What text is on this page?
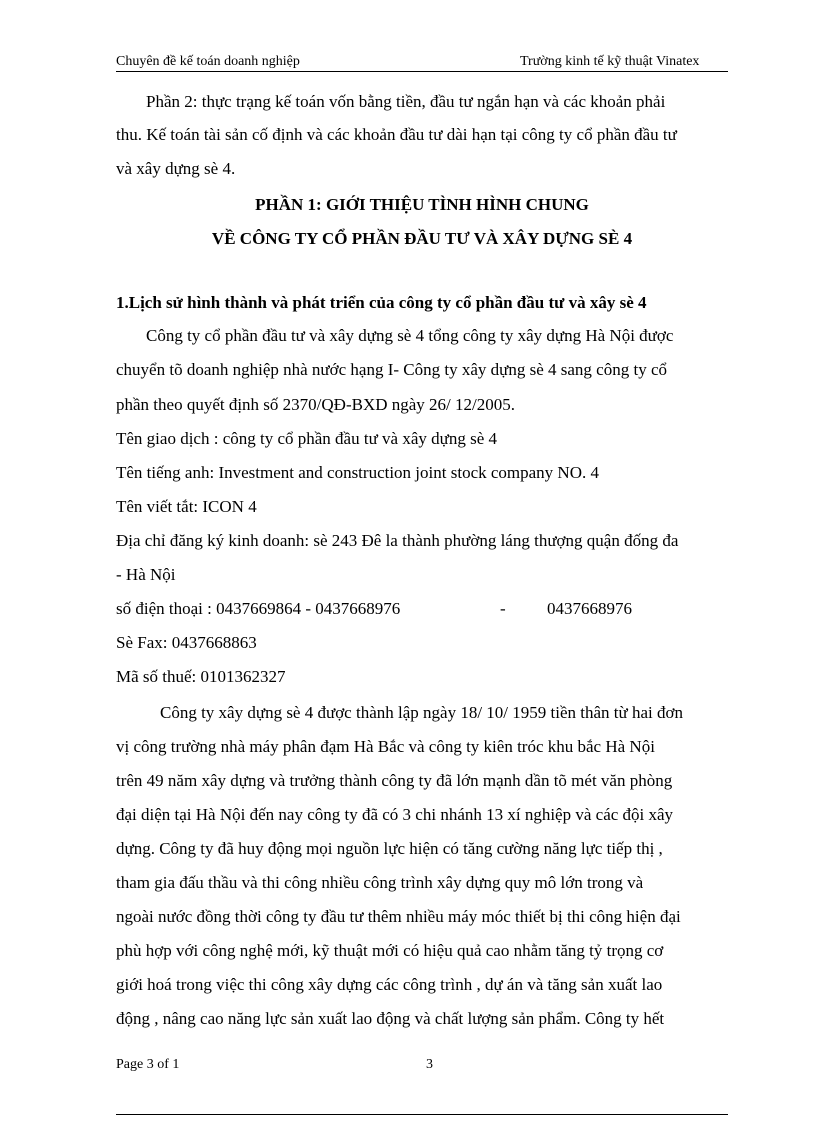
Chuyên đề kế toán doanh nghiệp	Trường kinh tế kỹ thuật Vinatex
Phần 2: thực trạng kế toán vốn bằng tiền, đầu tư ngắn hạn và các khoản phải
thu. Kế toán tài sản cố định và các khoản đầu tư dài hạn tại công ty cổ phần đầu tư
và xây dựng sè 4.
PHẦN 1: GIỚI THIỆU TÌNH HÌNH CHUNG
VỀ CÔNG TY CỔ PHẦN ĐẦU TƯ VÀ XÂY DỰNG SÈ 4
1.Lịch sử hình thành và phát triển của công ty cổ phần đầu tư và xây sè 4
Công ty cổ phần đầu tư và xây dựng sè 4 tổng công ty xây dựng Hà Nội được
chuyển tõ doanh nghiệp nhà nước hạng I- Công ty xây dựng sè 4 sang công ty cổ
phần theo quyết định số 2370/QĐ-BXD ngày 26/ 12/2005.
Tên giao dịch : công ty cổ phần đầu tư và xây dựng sè 4
Tên tiếng anh: Investment and construction joint stock company NO. 4
Tên viết tắt: ICON 4
Địa chỉ đăng ký kinh doanh: sè 243 Đê la thành phường láng thượng quận đống đa
- Hà Nội
số điện thoại : 0437669864 - 0437668976	- 0437668976
Sè Fax: 0437668863
Mã số thuế: 0101362327
Công ty xây dựng sè 4 được thành lập ngày 18/ 10/ 1959 tiền thân từ hai đơn
vị công trường nhà máy phân đạm Hà Bắc và công ty kiên tróc khu bắc Hà Nội
trên 49 năm xây dựng và trưởng thành công ty đã lớn mạnh dần tõ mét văn phòng
đại diện tại Hà Nội đến nay công ty đã có 3 chi nhánh 13 xí nghiệp và các đội xây
dựng. Công ty đã huy động mọi nguồn lực hiện có tăng cường năng lực tiếp thị ,
tham gia đấu thầu và thi công nhiều công trình xây dựng quy mô lớn trong và
ngoài nước đồng thời công ty đầu tư thêm nhiều máy móc thiết bị thi công hiện đại
phù hợp với công nghệ mới, kỹ thuật mới có hiệu quả cao nhằm tăng tỷ trọng cơ
giới hoá trong việc thi công xây dựng các công trình , dự án và tăng sản xuất lao
động , nâng cao năng lực sản xuất lao động và chất lượng sản phẩm. Công ty hết
Page 3 of 1	3
